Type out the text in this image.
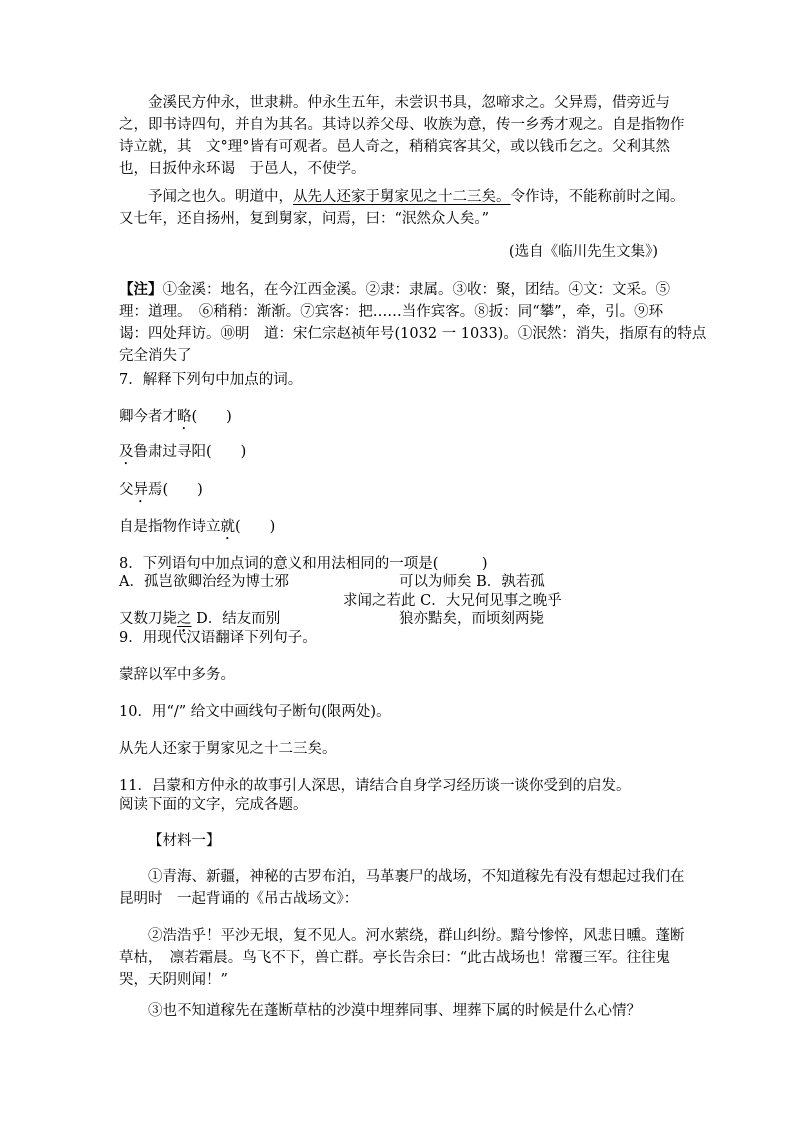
金溪民方仲永，世隶耕。仲永生五年，未尝识书具，忽啼求之。父异焉，借旁近与
之，即书诗四句，并自为其名。其诗以养父母、收族为意，传一乡秀才观之。自是指物作
诗立就，其　文°理°皆有可观者。邑人奇之，稍稍宾客其父，或以钱币乞之。父利其然
也，日扳仲永环谒　于邑人，不使学。
予闻之也久。明道中，从先人还家于舅家见之十二三矣。令作诗，不能称前时之闻。
又七年，还自扬州，复到舅家，问焉，曰：“泯然众人矣。”
(选自《临川先生文集》)
【注】①金溪：地名，在今江西金溪。②隶：隶属。③收：聚，团结。④文：文采。⑤
理：道理。　⑥稍稍：渐渐。⑦宾客：把……当作宾客。⑧扳：同“攀”，牵，引。⑨环
谒：四处拜访。⑩明　道：宋仁宗赵祯年号(1032 一 1033)。①泯然：消失，指原有的特点
完全消失了
7．解释下列句中加点的词。
卿今者才略(　　)
及鲁肃过寻阳(　　)
父异焉(　　)
自是指物作诗立就(　　)
8．下列语句中加点词的意义和用法相同的一项是(　　　)
A．孤岂欲卿治经为博士邪	可以为师矣 B．孰若孤
求闻之若此 C．大兄何见事之晚乎
又数刀毙之 D．结友而别	狼亦黠矣，而顷刻两毙
9．用现代汉语翻译下列句子。
蒙辞以军中多务。
10．用“/” 给文中画线句子断句(限两处)。
从先人还家于舅家见之十二三矣。
11．吕蒙和方仲永的故事引人深思，请结合自身学习经历谈一谈你受到的启发。
阅读下面的文字，完成各题。
【材料一】
①青海、新疆，神秘的古罗布泊，马革裹尸的战场，不知道稼先有没有想起过我们在
昆明时　一起背诵的《吊古战场文》：
②浩浩乎！平沙无垠，复不见人。河水萦绕，群山纠纷。黯兮惨悴，风悲日曛。蓬断
草枯，　凛若霜晨。鸟飞不下，兽亡群。亭长告余曰：“此古战场也！常覆三军。往往鬼
哭，天阴则闻！”
③也不知道稼先在蓬断草枯的沙漠中埋葬同事、埋葬下属的时候是什么心情？
